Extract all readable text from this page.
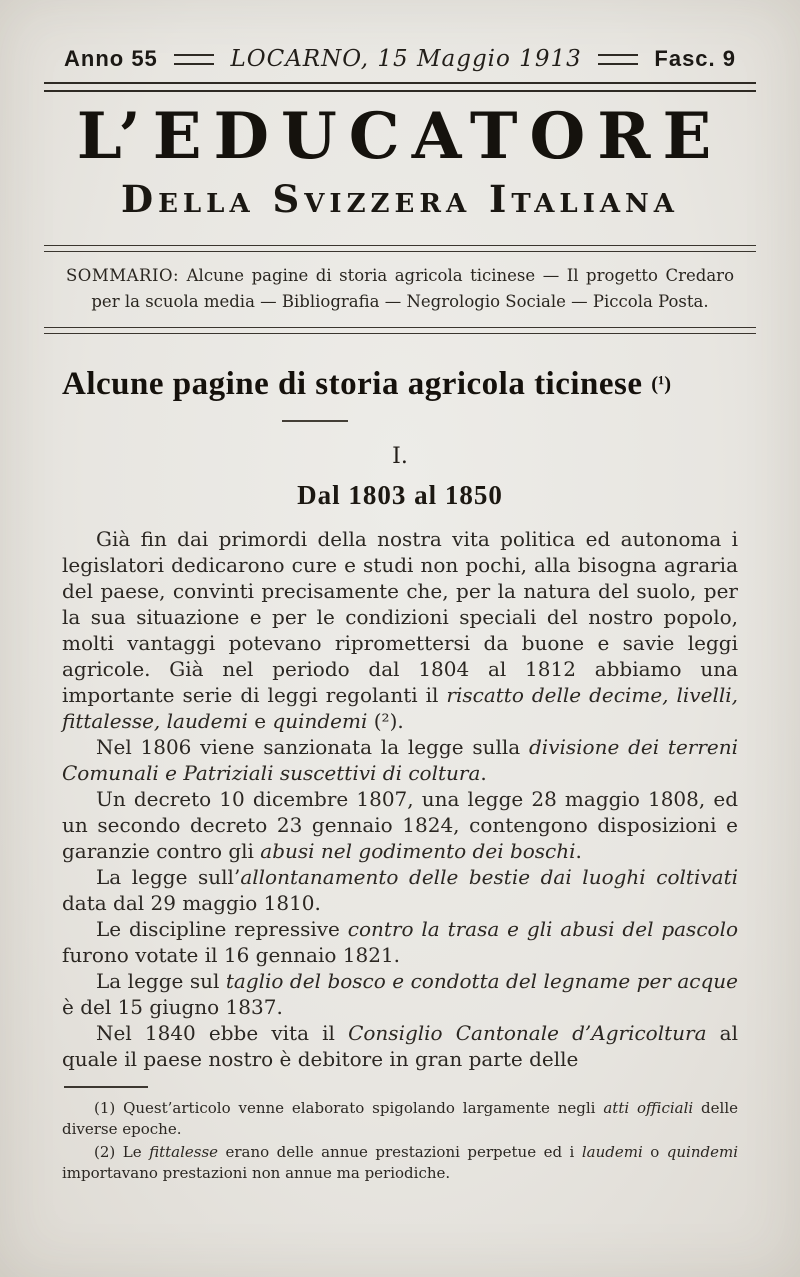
Anno 55	LOCARNO, 15 Maggio 1913	Fasc. 9
L’EDUCATORE
Della Svizzera Italiana

SOMMARIO: Alcune pagine di storia agricola ticinese — Il progetto Credaro per la scuola media — Bibliografia — Negrologio Sociale — Piccola Posta.

Alcune pagine di storia agricola ticinese (¹)
I.
Dal 1803 al 1850

Già fin dai primordi della nostra vita politica ed autonoma i legislatori dedicarono cure e studi non pochi, alla bisogna agraria del paese, convinti precisamente che, per la natura del suolo, per la sua situazione e per le condizioni speciali del nostro popolo, molti vantaggi potevano ripromettersi da buone e savie leggi agricole. Già nel periodo dal 1804 al 1812 abbiamo una importante serie di leggi regolanti il riscatto delle decime, livelli, fittalesse, laudemi e quindemi (²).

Nel 1806 viene sanzionata la legge sulla divisione dei terreni Comunali e Patriziali suscettivi di coltura.

Un decreto 10 dicembre 1807, una legge 28 maggio 1808, ed un secondo decreto 23 gennaio 1824, contengono disposizioni e garanzie contro gli abusi nel godimento dei boschi.

La legge sull’allontanamento delle bestie dai luoghi coltivati data dal 29 maggio 1810.

Le discipline repressive contro la trasa e gli abusi del pascolo furono votate il 16 gennaio 1821.

La legge sul taglio del bosco e condotta del legname per acque è del 15 giugno 1837.

Nel 1840 ebbe vita il Consiglio Cantonale d’Agricoltura al quale il paese nostro è debitore in gran parte delle

(1) Quest’articolo venne elaborato spigolando largamente negli atti officiali delle diverse epoche.

(2) Le fittalesse erano delle annue prestazioni perpetue ed i laudemi o quindemi importavano prestazioni non annue ma periodiche.
